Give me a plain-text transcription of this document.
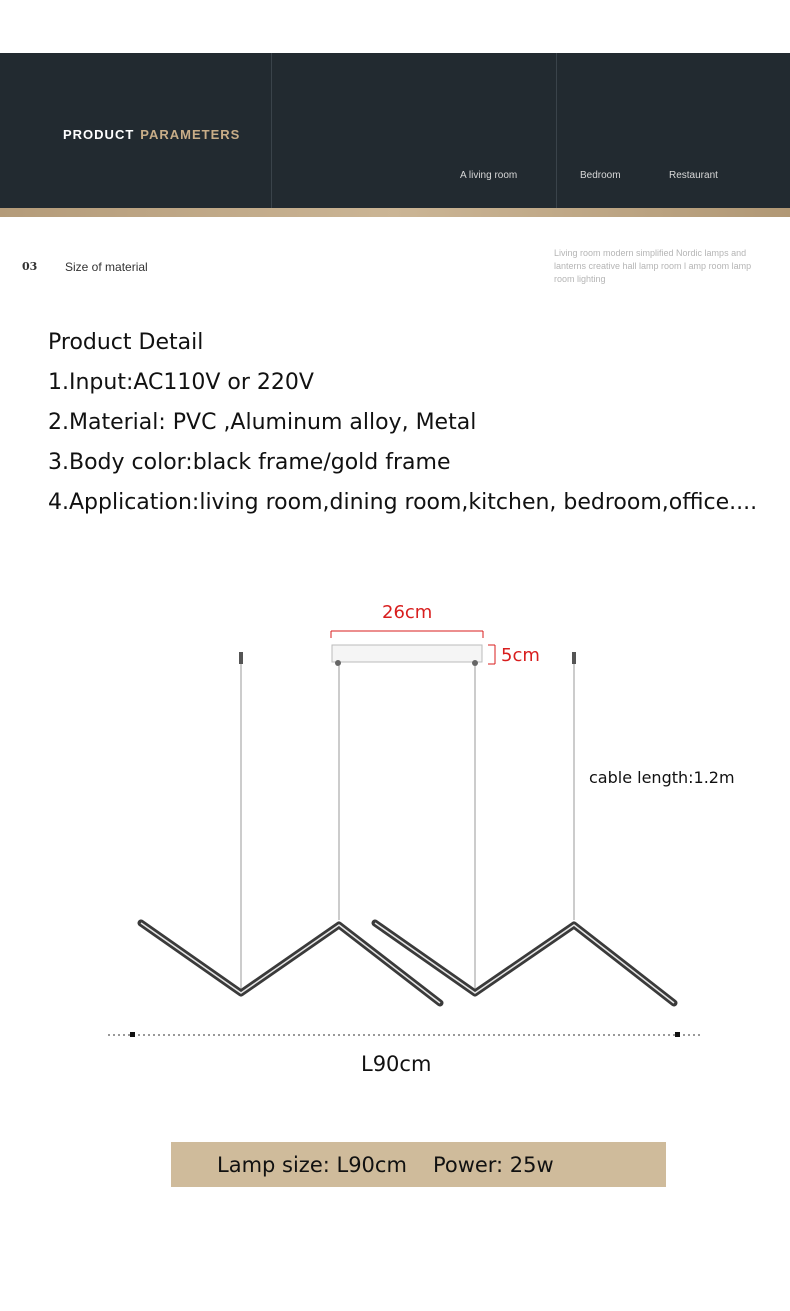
PRODUCT PARAMETERS
A living room	Bedroom	Restaurant
03 Size of material
Living room modern simplified Nordic lamps and lanterns creative hall lamp room l amp room lamp room lighting
Product Detail
1.Input:AC110V or 220V
2.Material: PVC ,Aluminum alloy, Metal
3.Body color:black frame/gold frame
4.Application:living room,dining room,kitchen, bedroom,office....
26cm
5cm
cable length:1.2m
L90cm
Lamp size: L90cm Power: 25w
